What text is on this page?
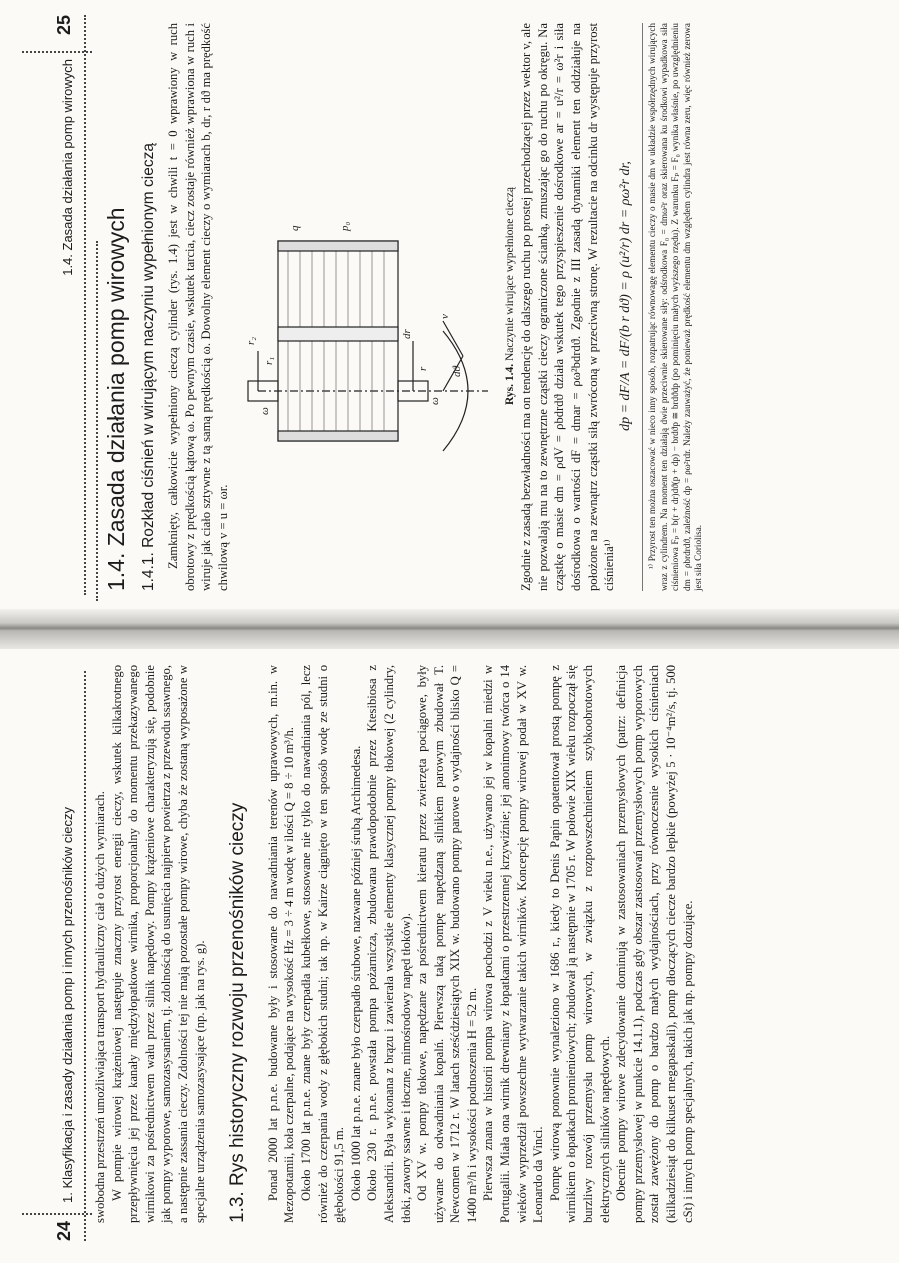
24
1. Klasyfikacja i zasady działania pomp i innych przenośników cieczy swobodna przestrzeń umożliwiająca transport hydrauliczny ciał o dużych wymiarach. W pompie wirowej krążeniowej następuje znaczny przyrost energii cieczy, wskutek kilkakrotnego przepływnięcia jej przez kanały międzyłopatkowe wirnika, proporcjonalny do momentu przekazywanego wirnikowi za pośrednictwem wału przez silnik napędowy. Pompy krążeniowe charakteryzują się, podobnie jak pompy wyporowe, samozasysaniem, tj. zdolnością do usunięcia najpierw powietrza z przewodu ssawnego, a następnie zassania cieczy. Zdolności tej nie mają pozostałe pompy wirowe, chyba że zostaną wyposażone w specjalne urządzenia samozasysające (np. jak na rys. g). 1.3. Rys historyczny rozwoju przenośników cieczy Ponad 2000 lat p.n.e. budowane były i stosowane do nawadniania terenów uprawowych, m.in. w Mezopotamii, koła czerpalne, podające na wysokość Hz = 3 ÷ 4 m wodę w ilości Q = 8 ÷ 10 m³/h. Około 1700 lat p.n.e. znane były czerpadła kubełkowe, stosowane nie tylko do nawadniania pól, lecz również do czerpania wody z głębokich studni; tak np. w Kairze ciągnięto w ten sposób wodę ze studni o głębokości 91,5 m. Około 1000 lat p.n.e. znane było czerpadło śrubowe, nazwane później śrubą Archimedesa. Około 230 r. p.n.e. powstała pompa pożarnicza, zbudowana prawdopodobnie przez Ktesibiosa z Aleksandrii. Była wykonana z brązu i zawierała wszystkie elementy klasycznej pompy tłokowej (2 cylindry, tłoki, zawory ssawne i tłoczne, mimośrodowy napęd tłoków). Od XV w. pompy tłokowe, napędzane za pośrednictwem kieratu przez zwierzęta pociągowe, były używane do odwadniania kopalń. Pierwszą taką pompę napędzaną silnikiem parowym zbudował T. Newcomen w 1712 r. W latach sześćdziesiątych XIX w. budowano pompy parowe o wydajności blisko Q = 1400 m³/h i wysokości podnoszenia H = 52 m. Pierwsza znana w historii pompa wirowa pochodzi z V wieku n.e., używano jej w kopalni miedzi w Portugalii. Miała ona wirnik drewniany z łopatkami o przestrzennej krzywiźnie; jej anonimowy twórca o 14 wieków wyprzedził powszechne wytwarzanie takich wirników. Koncepcję pompy wirowej podał w XV w. Leonardo da Vinci. Pompę wirową ponownie wynaleziono w 1686 r., kiedy to Denis Papin opatentował prostą pompę z wirnikiem o łopatkach promieniowych; zbudował ją następnie w 1705 r. W połowie XIX wieku rozpoczął się burzliwy rozwój przemysłu pomp wirowych, w związku z rozpowszechnieniem szybkoobrotowych elektrycznych silników napędowych. Obecnie pompy wirowe zdecydowanie dominują w zastosowaniach przemysłowych (patrz: definicja pompy przemysłowej w punkcie 14.1.1), podczas gdy obszar zastosowań przemysłowych pomp wyporowych został zawężony do pomp o bardzo małych wydajnościach, przy równoczesnie wysokich ciśnieniach (kilkadziesiąt do kilkuset megapaskali), pomp dłoczących ciecze bardzo lepkie (powyżej 5 · 10⁻⁴m²/s, tj. 500 cSt) i innych pomp specjalnych, takich jak np. pompy dozujące.

1.4. Zasada działania pomp wirowych
25
1.4. Zasada działania pomp wirowych 1.4.1. Rozkład ciśnień w wirującym naczyniu wypełnionym cieczą Zamknięty, całkowicie wypełniony cieczą cylinder (rys. 1.4) jest w chwili t = 0 wprawiony w ruch obrotowy z prędkością kątową ω. Po pewnym czasie, wskutek tarcia, ciecz zostaje również wprawiona w ruch i wiruje jak ciało sztywne z tą samą prędkością ω. Dowolny element cieczy o wymiarach b, dr, r dϑ ma prędkość chwilową v = u = ωr.

r₂
r₁
ω
q	p₀
dr
r dϑ
v
ω	Rys. 1.4. Naczynie wirujące wypełnione cieczą Zgodnie z zasadą bezwładności ma on tendencję do dalszego ruchu po prostej przechodzącej przez wektor v, ale nie pozwalają mu na to zewnętrzne cząstki cieczy ograniczone ścianką, zmuszając go do ruchu po okręgu. Na cząstkę o masie dm = ρdV = ρbdrdϑ działa wskutek tego przyspieszenie dośrodkowe ar = u²/r = ω²r i siła dośrodkowa o wartości dF = dmar = ρω²bdrdϑ. Zgodnie z III zasadą dynamiki element ten oddziałuje na położone na zewnątrz cząstki siłą zwróconą w przeciwną stronę. W rezultacie na odcinku dr występuje przyrost ciśnienia¹⁾

dp = dF/A = dF/(b r dϑ) = ρ (u²/r) dr = ρω²r dr, ¹⁾ Przyrost ten można oszacować w nieco inny sposób, rozpatrując równowagę elementu cieczy o masie dm w układzie współrzędnych wirujących wraz z cylindrem. Na moment ten działają dwie przeciwnie skierowane siły: odśrodkowa F₀ = dmω²r oraz skierowana ku środkowi wypadkowa siła ciśnieniowa Fₚ = b(r + dr)dϑ(p + dp) − brdϑp ≅ brdϑdp (po pominięciu małych wyższego rzędu). Z warunku Fₚ = F₀ wynika właśnie, po uwzględnieniu dm = ρbrdrdϑ, zależność dp = ρω²rdr. Należy zauważyć, że ponieważ prędkość elementu dm względem cylindra jest równa zeru, więc również zerowa jest siła Coriolisa.
